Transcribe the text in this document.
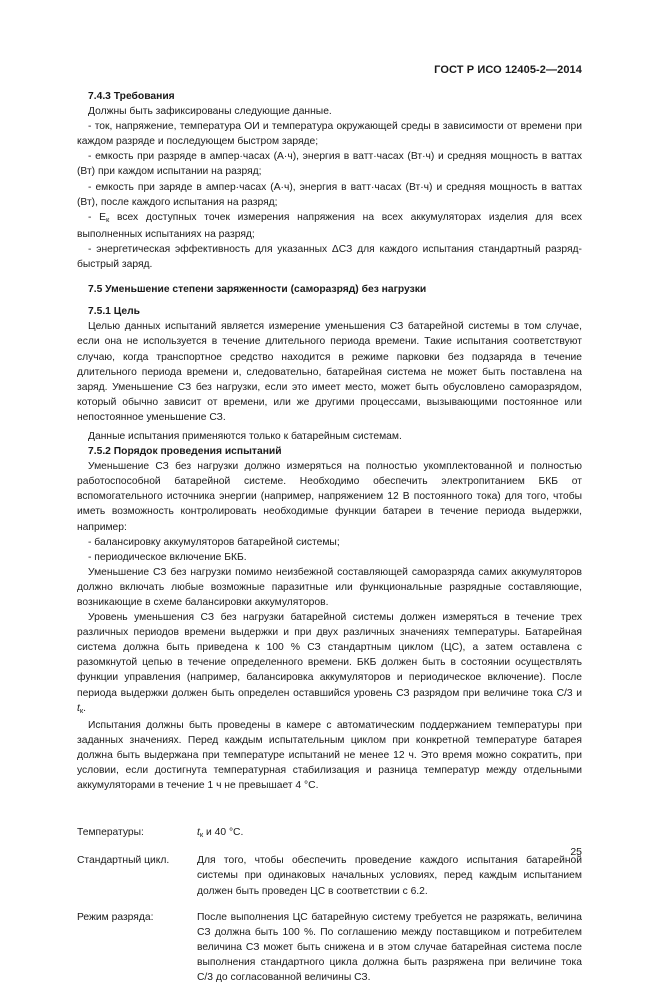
ГОСТ Р ИСО 12405-2—2014

7.4.3 Требования

Должны быть зафиксированы следующие данные.

- ток, напряжение, температура ОИ и температура окружающей среды в зависимости от времени при каждом разряде и последующем быстром заряде;

- емкость при разряде в ампер·часах (А·ч), энергия в ватт·часах (Вт·ч) и средняя мощность в ваттах (Вт) при каждом испытании на разряд;

- емкость при заряде в ампер·часах (А·ч), энергия в ватт·часах (Вт·ч) и средняя мощность в ваттах (Вт), после каждого испытания на разряд;

- $E_к$ всех доступных точек измерения напряжения на всех аккумуляторах изделия для всех выполненных испытаниях на разряд;

- энергетическая эффективность для указанных ΔСЗ для каждого испытания стандартный разряд-быстрый заряд.

7.5 Уменьшение степени заряженности (саморазряд) без нагрузки

7.5.1 Цель

Целью данных испытаний является измерение уменьшения СЗ батарейной системы в том случае, если она не используется в течение длительного периода времени. Такие испытания соответствуют случаю, когда транспортное средство находится в режиме парковки без подзаряда в течение длительного периода времени и, следовательно, батарейная система не может быть поставлена на заряд. Уменьшение СЗ без нагрузки, если это имеет место, может быть обусловлено саморазрядом, который обычно зависит от времени, или же другими процессами, вызывающими постоянное или непостоянное уменьшение СЗ.

Данные испытания применяются только к батарейным системам.

7.5.2 Порядок проведения испытаний

Уменьшение СЗ без нагрузки должно измеряться на полностью укомплектованной и полностью работоспособной батарейной системе. Необходимо обеспечить электропитанием БКБ от вспомогательного источника энергии (например, напряжением 12 В постоянного тока) для того, чтобы иметь возможность контролировать необходимые функции батареи в течение периода выдержки, например:

- балансировку аккумуляторов батарейной системы;

- периодическое включение БКБ.

Уменьшение СЗ без нагрузки помимо неизбежной составляющей саморазряда самих аккумуляторов должно включать любые возможные паразитные или функциональные разрядные составляющие, возникающие в схеме балансировки аккумуляторов.

Уровень уменьшения СЗ без нагрузки батарейной системы должен измеряться в течение трех различных периодов времени выдержки и при двух различных значениях температуры. Батарейная система должна быть приведена к 100 % СЗ стандартным циклом (ЦС), а затем оставлена с разомкнутой цепью в течение определенного времени. БКБ должен быть в состоянии осуществлять функции управления (например, балансировка аккумуляторов и периодическое включение). После периода выдержки должен быть определен оставшийся уровень СЗ разрядом при величине тока С/3 и $t_к$.

Испытания должны быть проведены в камере с автоматическим поддержанием температуры при заданных значениях. Перед каждым испытательным циклом при конкретной температуре батарея должна быть выдержана при температуре испытаний не менее 12 ч. Это время можно сократить, при условии, если достигнута температурная стабилизация и разница температур между отдельными аккумуляторами в течение 1 ч не превышает 4 °С.

Температуры:	$t_к$ и 40 °С.
Стандартный цикл.	Для того, чтобы обеспечить проведение каждого испытания батарейной системы при одинаковых начальных условиях, перед каждым испытанием должен быть проведен ЦС в соответствии с 6.2.
Режим разряда:	После выполнения ЦС батарейную систему требуется не разряжать, величина СЗ должна быть 100 %. По соглашению между поставщиком и потребителем величина СЗ может быть снижена и в этом случае батарейная система после выполнения стандартного цикла должна быть разряжена при величине тока С/3 до согласованной величины СЗ.
25
